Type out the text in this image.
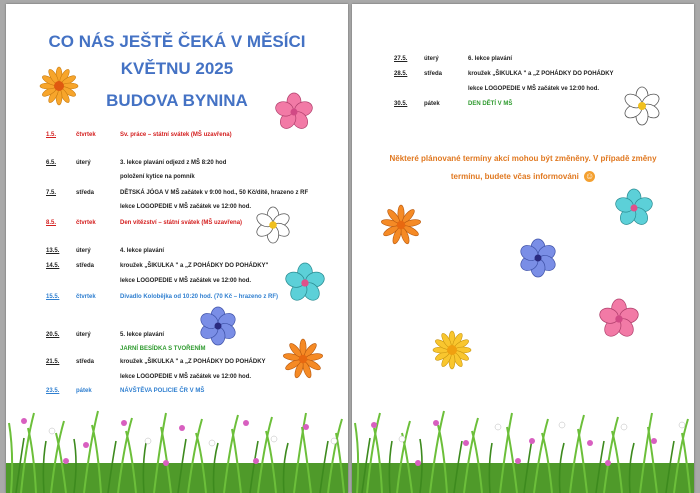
CO NÁS JEŠTĚ ČEKÁ V MĚSÍCI
KVĚTNU 2025
BUDOVA BYNINA
1.5.	čtvrtek	Sv. práce – státní svátek (MŠ uzavřena)
6.5.	úterý	3. lekce plavání odjezd z MŠ 8:20 hod
položení kytice na pomník
7.5.	středa	DĚTSKÁ JÓGA V MŠ začátek v 9:00 hod., 50 Kč/dítě, hrazeno z RF
lekce LOGOPEDIE v MŠ začátek ve 12:00 hod.
8.5.	čtvrtek	Den vítězství – státní svátek (MŠ uzavřena)
13.5.	úterý	4. lekce plavání
14.5.	středa	kroužek „ŠIKULKA " a „Z POHÁDKY DO POHÁDKY"
lekce LOGOPEDIE v MŠ začátek ve 12:00 hod.
15.5.	čtvrtek	Divadlo Kolobějka od 10:20 hod. (70 Kč – hrazeno z RF)
20.5.	úterý	5. lekce plavání
JARNÍ BESÍDKA S TVOŘENÍM
21.5.	středa	kroužek „ŠIKULKA " a „Z POHÁDKY DO POHÁDKY
lekce LOGOPEDIE v MŠ začátek ve 12:00 hod.
23.5.	pátek	NÁVŠTĚVA POLICIE ČR V MŠ
27.5.	úterý	6. lekce plavání
28.5.	středa	kroužek „ŠIKULKA " a „Z POHÁDKY DO POHÁDKY
lekce LOGOPEDIE v MŠ začátek ve 12:00 hod.
30.5.	pátek	DEN DĚTÍ V MŠ
Některé plánované termíny akcí mohou být změněny. V případě změny
termínu, budete včas informováni ☺
